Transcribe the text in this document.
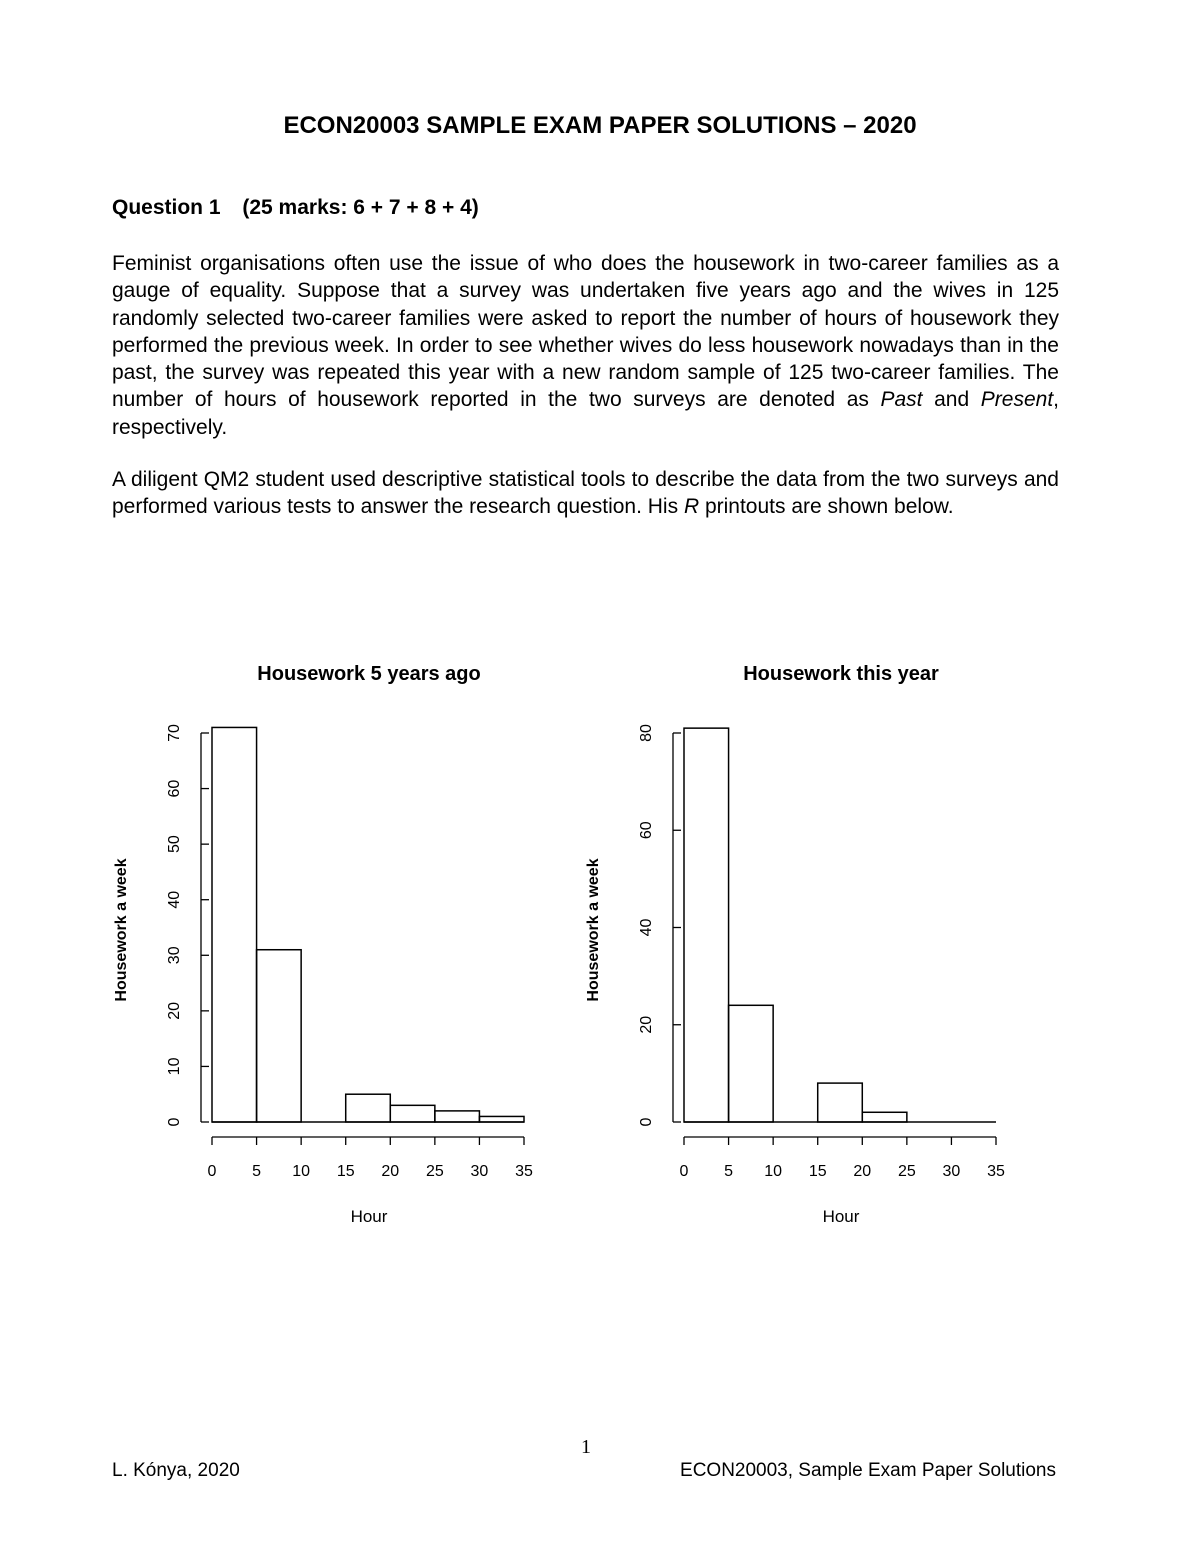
ECON20003 SAMPLE EXAM PAPER SOLUTIONS – 2020
Question 1 (25 marks: 6 + 7 + 8 + 4)

Feminist organisations often use the issue of who does the housework in two-career families as a gauge of equality. Suppose that a survey was undertaken five years ago and the wives in 125 randomly selected two-career families were asked to report the number of hours of housework they performed the previous week. In order to see whether wives do less housework nowadays than in the past, the survey was repeated this year with a new random sample of 125 two-career families. The number of hours of housework reported in the two surveys are denoted as Past and Present, respectively.

A diligent QM2 student used descriptive statistical tools to describe the data from the two surveys and performed various tests to answer the research question. His R printouts are shown below.

Housework 5 years ago
0
10
20
30
40
50
60
70
Housework a week
0 5 10 15 20 25 30 35
Hour
Housework this year
0
20
40
60
80
Housework a week
0 5 10 15 20 25 30 35
Hour
1
L. Kónya, 2020	ECON20003, Sample Exam Paper Solutions
